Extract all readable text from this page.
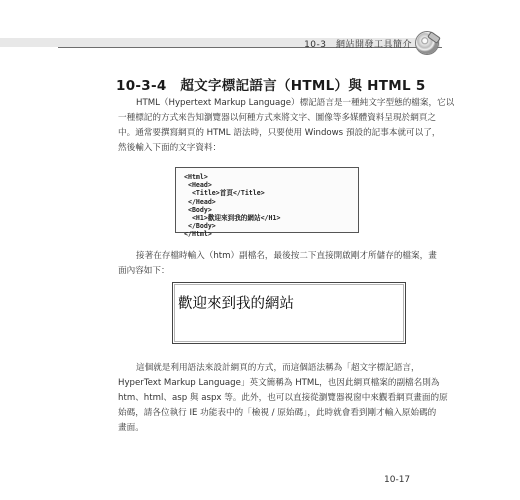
10-3　網站開發工具簡介
10-3-4　超文字標記語言（HTML）與 HTML 5
HTML（Hypertext Markup Language）標記語言是一種純文字型態的檔案，它以
一種標記的方式來告知瀏覽器以何種方式來將文字、圖像等多媒體資料呈現於網頁之
中。通常要撰寫網頁的 HTML 語法時，只要使用 Windows 預設的記事本就可以了，
然後輸入下面的文字資料：
<Html>
<Head>
<Title>首頁</Title>
</Head>
<Body>
<H1>歡迎來到我的網站</H1>
</Body>
</Html>
接著在存檔時輸入（htm）副檔名，最後按二下直接開啟剛才所儲存的檔案，畫
面內容如下：
歡迎來到我的網站
這個就是利用語法來設計網頁的方式，而這個語法稱為「超文字標記語言，
HyperText Markup Language」英文簡稱為 HTML，也因此網頁檔案的副檔名則為
htm、html、asp 與 aspx 等。此外，也可以直接從瀏覽器視窗中來觀看網頁畫面的原
始碼，請各位執行 IE 功能表中的「檢視 / 原始碼」，此時就會看到剛才輸入原始碼的
畫面。
10-17
